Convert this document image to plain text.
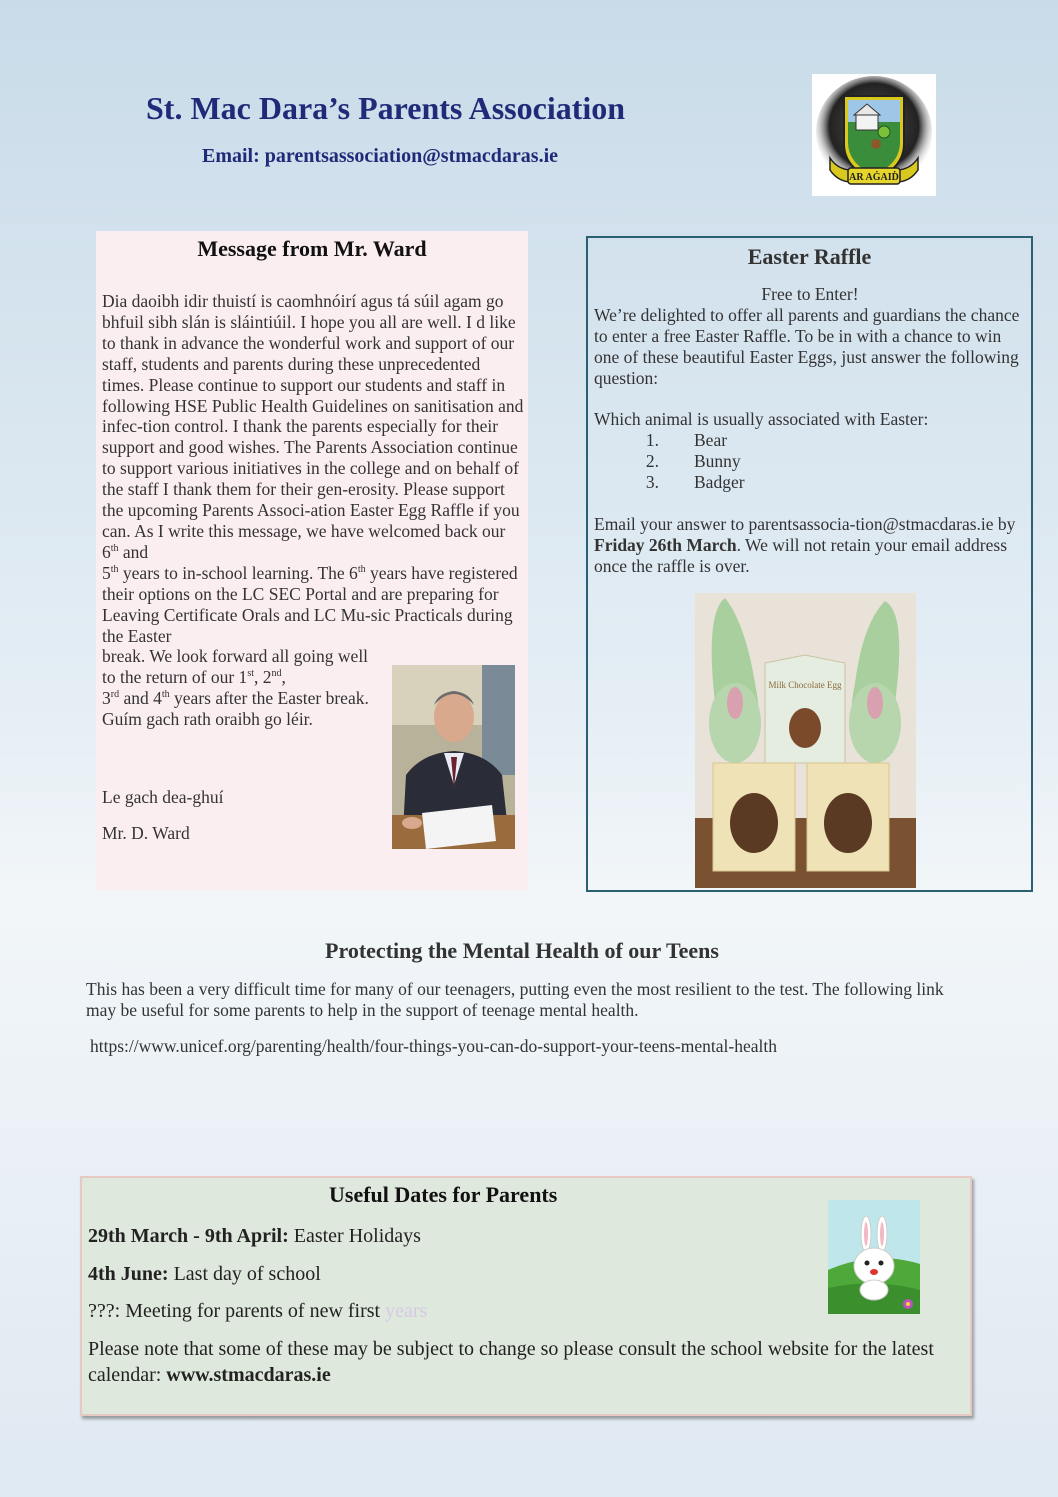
St. Mac Dara’s Parents Association
Email: parentsassociation@stmacdaras.ie
AR AĠAIḊ
Message from Mr. Ward

Dia daoibh idir thuistí is caomhnóirí agus tá súil agam go bhfuil sibh slán is sláintiúil. I hope you all are well. I d like to thank in advance the wonderful work and support of our staff, students and parents during these unprecedented times. Please continue to support our students and staff in following HSE Public Health Guidelines on sanitisation and infec-tion control. I thank the parents especially for their support and good wishes. The Parents Association continue to support various initiatives in the college and on behalf of the staff I thank them for their gen-erosity. Please support the upcoming Parents Associ-ation Easter Egg Raffle if you can. As I write this message, we have welcomed back our 6th and
5th years to in-school learning. The 6th years have registered their options on the LC SEC Portal and are preparing for Leaving Certificate Orals and LC Mu-sic Practicals during the Easter

break. We look forward all going well to the return of our 1st, 2nd,
3rd and 4th years after the Easter break. Guím gach rath oraibh go léir.

Le gach dea-ghuí
Mr. D. Ward
Easter Raffle

Free to Enter!

We’re delighted to offer all parents and guardians the chance to enter a free Easter Raffle. To be in with a chance to win one of these beautiful Easter Eggs, just answer the following question:

Which animal is usually associated with Easter:

1.	Bear
2.	Bunny
3.	Badger

Email your answer to parentsassocia-tion@stmacdaras.ie by Friday 26th March. We will not retain your email address once the raffle is over.

Milk Chocolate Egg
Protecting the Mental Health of our Teens
This has been a very difficult time for many of our teenagers, putting even the most resilient to the test. The following link may be useful for some parents to help in the support of teenage mental health.
https://www.unicef.org/parenting/health/four-things-you-can-do-support-your-teens-mental-health
Useful Dates for Parents
29th March - 9th April: Easter Holidays
4th June: Last day of school
???: Meeting for parents of new first years
Please note that some of these may be subject to change so please consult the school website for the latest calendar: www.stmacdaras.ie
